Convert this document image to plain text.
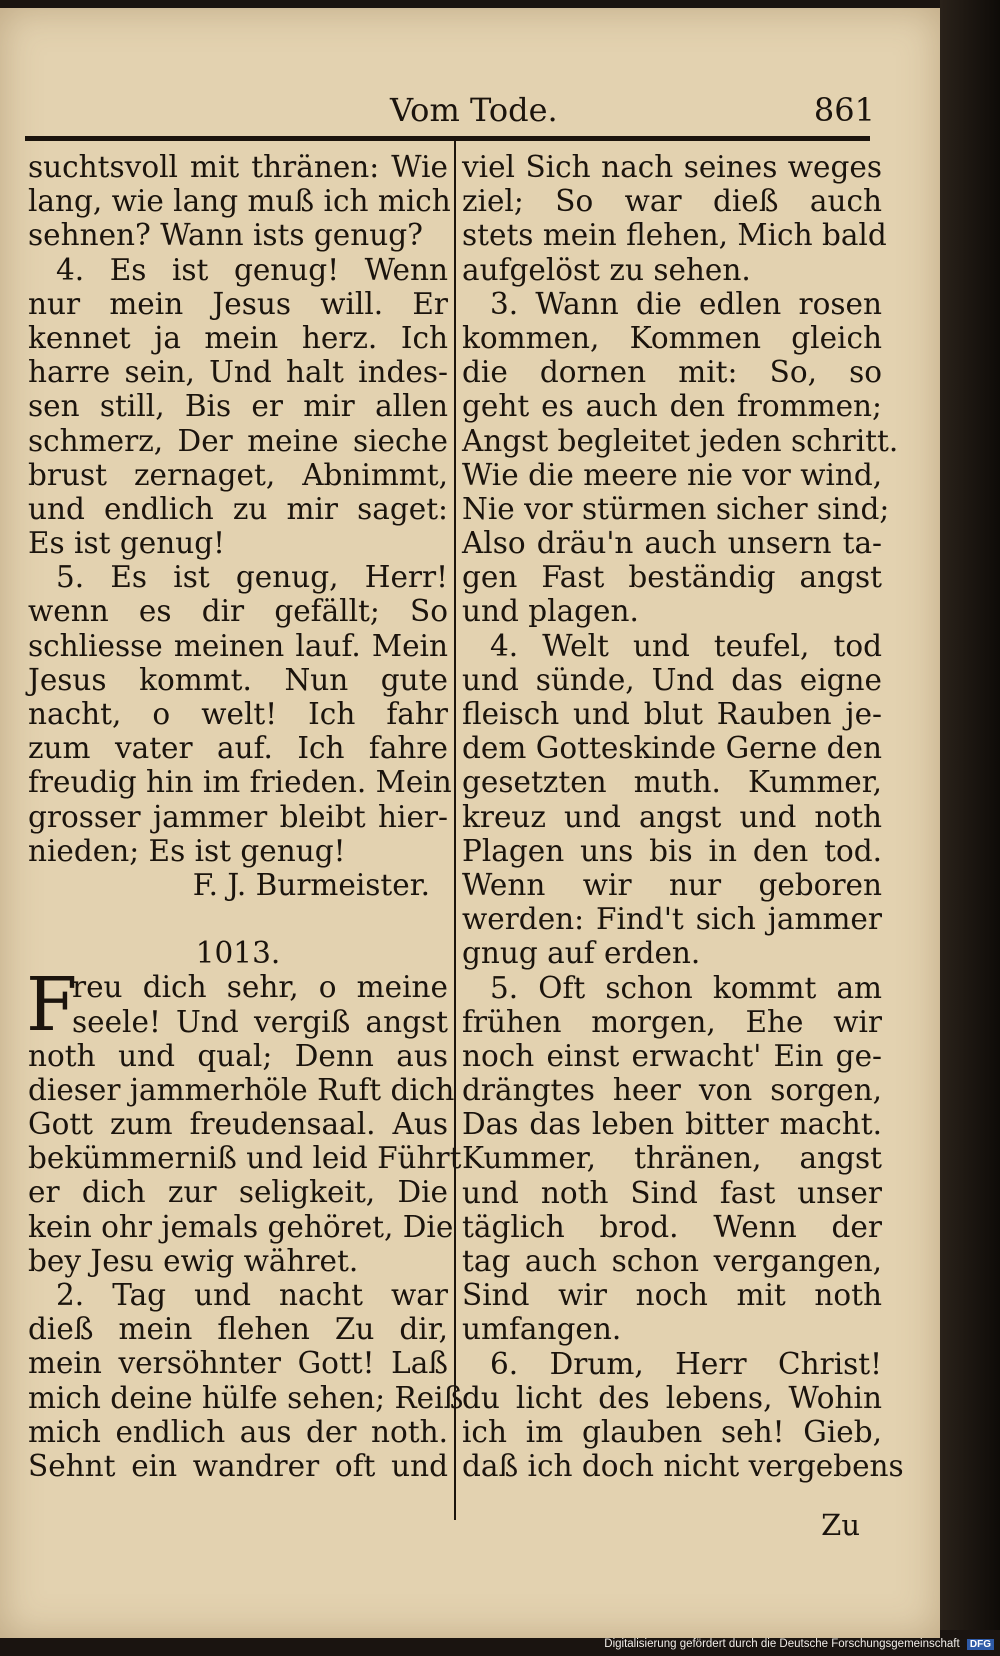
Vom Tode.	861
suchtsvoll mit thränen: Wie
lang, wie lang muß ich mich
sehnen? Wann ists genug?
4. Es ist genug! Wenn
nur mein Jesus will. Er
kennet ja mein herz. Ich
harre sein, Und halt indes-
sen still, Bis er mir allen
schmerz, Der meine sieche
brust zernaget, Abnimmt,
und endlich zu mir saget:
Es ist genug!
5. Es ist genug, Herr!
wenn es dir gefällt; So
schliesse meinen lauf. Mein
Jesus kommt. Nun gute
nacht, o welt! Ich fahr
zum vater auf. Ich fahre
freudig hin im frieden. Mein
grosser jammer bleibt hier-
nieden; Es ist genug!
F. J. Burmeister.
1013.
F
reu dich sehr, o meine
seele! Und vergiß angst
noth und qual; Denn aus
dieser jammerhöle Ruft dich
Gott zum freudensaal. Aus
bekümmerniß und leid Führt
er dich zur seligkeit, Die
kein ohr jemals gehöret, Die
bey Jesu ewig währet.
2. Tag und nacht war
dieß mein flehen Zu dir,
mein versöhnter Gott! Laß
mich deine hülfe sehen; Reiß
mich endlich aus der noth.
Sehnt ein wandrer oft und
viel Sich nach seines weges
ziel; So war dieß auch
stets mein flehen, Mich bald
aufgelöst zu sehen.
3. Wann die edlen rosen
kommen, Kommen gleich
die dornen mit: So, so
geht es auch den frommen;
Angst begleitet jeden schritt.
Wie die meere nie vor wind,
Nie vor stürmen sicher sind;
Also dräu'n auch unsern ta-
gen Fast beständig angst
und plagen.
4. Welt und teufel, tod
und sünde, Und das eigne
fleisch und blut Rauben je-
dem Gotteskinde Gerne den
gesetzten muth. Kummer,
kreuz und angst und noth
Plagen uns bis in den tod.
Wenn wir nur geboren
werden: Find't sich jammer
gnug auf erden.
5. Oft schon kommt am
frühen morgen, Ehe wir
noch einst erwacht' Ein ge-
drängtes heer von sorgen,
Das das leben bitter macht.
Kummer, thränen, angst
und noth Sind fast unser
täglich brod. Wenn der
tag auch schon vergangen,
Sind wir noch mit noth
umfangen.
6. Drum, Herr Christ!
du licht des lebens, Wohin
ich im glauben seh! Gieb,
daß ich doch nicht vergebens
Zu
Digitalisierung gefördert durch die Deutsche Forschungsgemeinschaft DFG
